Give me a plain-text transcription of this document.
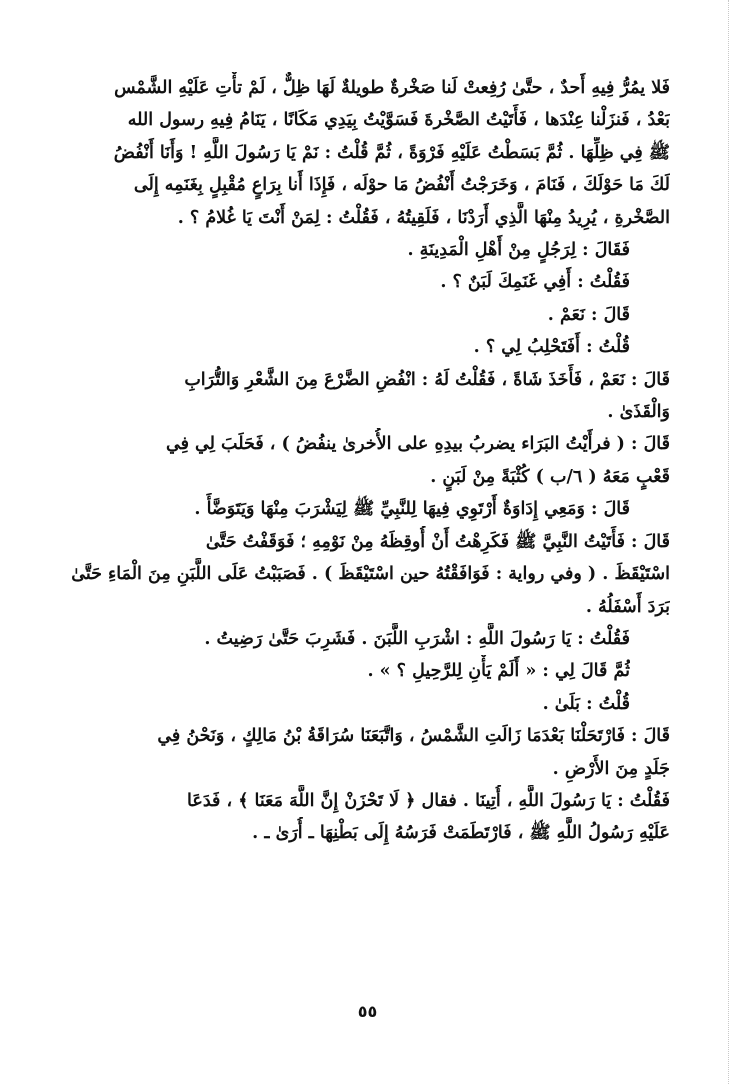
فَلا يمُرُّ فِيهِ أَحدٌ ، حتَّىٰ رُفِعتْ لَنا صَخْرةٌ طويلةٌ لَهَا ظِلٌّ ، لَمْ تأْتِ عَلَيْهِ الشَّمْس
بَعْدُ ، فَنزَلْنا عِنْدَها ، فَأَتَيْتُ الصَّخْرةَ فَسَوَّيْتُ بِيَدِي مَكَانًا ، يَنَامُ فِيهِ رسول الله
ﷺ فِي ظِلِّهَا . ثُمَّ بَسَطْتُ عَلَيْهِ فَرْوَةً ، ثُمَّ قُلْتُ : نَمْ يَا رَسُولَ اللَّهِ ! وَأَنَا أَنْفُضُ
لَكَ مَا حَوْلَكَ ، فَنَامَ ، وَخَرَجْتُ أَنْفُضُ مَا حوْلَه ، فَإِذَا أَنا بِرَاعٍ مُقْبِلٍ بِغَنَمِه إِلَى
الصَّخْرةِ ، يُرِيدُ مِنْهَا الَّذِي أَرَدْنَا ، فَلَقِيتُهُ ، فَقُلْتُ : لِمَنْ أَنْتَ يَا غُلامُ ؟ .
فَقَالَ : لِرَجُلٍ مِنْ أَهْلِ الْمَدِينَةِ .
فَقُلْتُ : أَفِي غَنَمِكَ لَبَنٌ ؟ .
قَالَ : نَعَمْ .
قُلْتُ : أَفَتَحْلِبُ لِي ؟ .
قَالَ : نَعَمْ ، فَأَخَذَ شَاةً ، فَقُلْتُ لَهُ : انْفُضِ الضَّرْعَ مِنَ الشَّعْرِ وَالتُّرَابِ
وَالْقَذَىٰ .
قَالَ : ( فرأَيْتُ البَرَاء يضربُ بيدِهِ على الأُخرىٰ ينفُضُ ) ، فَحَلَبَ لِي فِي
قَعْبٍ مَعَهُ ( ٦/ب ) كُثْبَةً مِنْ لَبَنٍ .
قَالَ : وَمَعِي إِدَاوَةٌ أَرْتَوِي فِيهَا لِلنَّبِيِّ ﷺ لِيَشْرَبَ مِنْهَا وَيَتَوَضَّأَ .
قَالَ : فَأَتَيْتُ النَّبِيَّ ﷺ فَكَرِهْتُ أَنْ أُوقِظَهُ مِنْ نَوْمِهِ ؛ فَوَقَفْتُ حَتَّىٰ
اسْتَيْقَظَ . ( وفي رواية : فَوَافَقْتُهُ حين اسْتَيْقَظَ ) . فَصَبَبْتُ عَلَى اللَّبَنِ مِنَ الْمَاءِ حَتَّىٰ
بَرَدَ أَسْفَلُهُ .
فَقُلْتُ : يَا رَسُولَ اللَّهِ : اشْرَبِ اللَّبَنَ . فَشَرِبَ حَتَّىٰ رَضِيتُ .
ثُمَّ قَالَ لِي : « أَلَمْ يَأْنِ لِلرَّحِيلِ ؟ » .
قُلْتُ : بَلَىٰ .
قَالَ : فَارْتَحَلْنَا بَعْدَمَا زَالَتِ الشَّمْسُ ، وَاتَّبَعَنَا سُرَاقَةُ بْنُ مَالِكٍ ، وَنَحْنُ فِي
جَلَدٍ مِنَ الأَرْضِ .
فَقُلْتُ : يَا رَسُولَ اللَّهِ ، أُتِينَا . فقال ﴿ لَا تَحْزَنْ إِنَّ اللَّهَ مَعَنَا ﴾ ، فَدَعَا
عَلَيْهِ رَسُولُ اللَّهِ ﷺ ، فَارْتَطَمَتْ فَرَسُهُ إِلَى بَطْنِهَا ـ أُرَىٰ ـ .
٥٥
